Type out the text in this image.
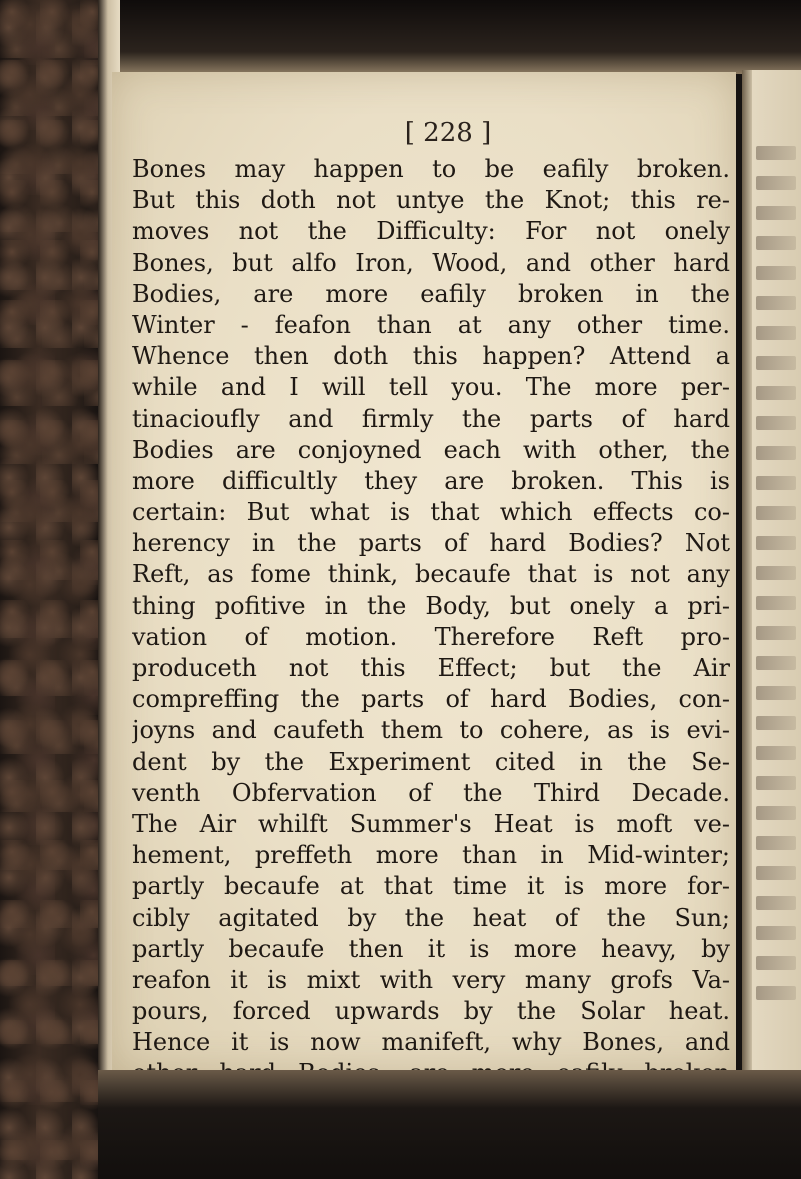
[ 228 ]

Bones may happen to be eafily broken.
But this doth not untye the Knot; this re-
moves not the Difficulty: For not onely
Bones, but alfo Iron, Wood, and other hard
Bodies, are more eafily broken in the
Winter - feafon than at any other time.
Whence then doth this happen? Attend a
while and I will tell you. The more per-
tinacioufly and firmly the parts of hard
Bodies are conjoyned each with other, the
more difficultly they are broken. This is
certain: But what is that which effects co-
herency in the parts of hard Bodies? Not
Reft, as fome think, becaufe that is not any
thing pofitive in the Body, but onely a pri-
vation of motion. Therefore Reft pro-
produceth not this Effect; but the Air
compreffing the parts of hard Bodies, con-
joyns and caufeth them to cohere, as is evi-
dent by the Experiment cited in the Se-
venth Obfervation of the Third Decade.
The Air whilft Summer's Heat is moft ve-
hement, preffeth more than in Mid-winter;
partly becaufe at that time it is more for-
cibly agitated by the heat of the Sun;
partly becaufe then it is more heavy, by
reafon it is mixt with very many grofs Va-
pours, forced upwards by the Solar heat.
Hence it is now manifeft, why Bones, and
